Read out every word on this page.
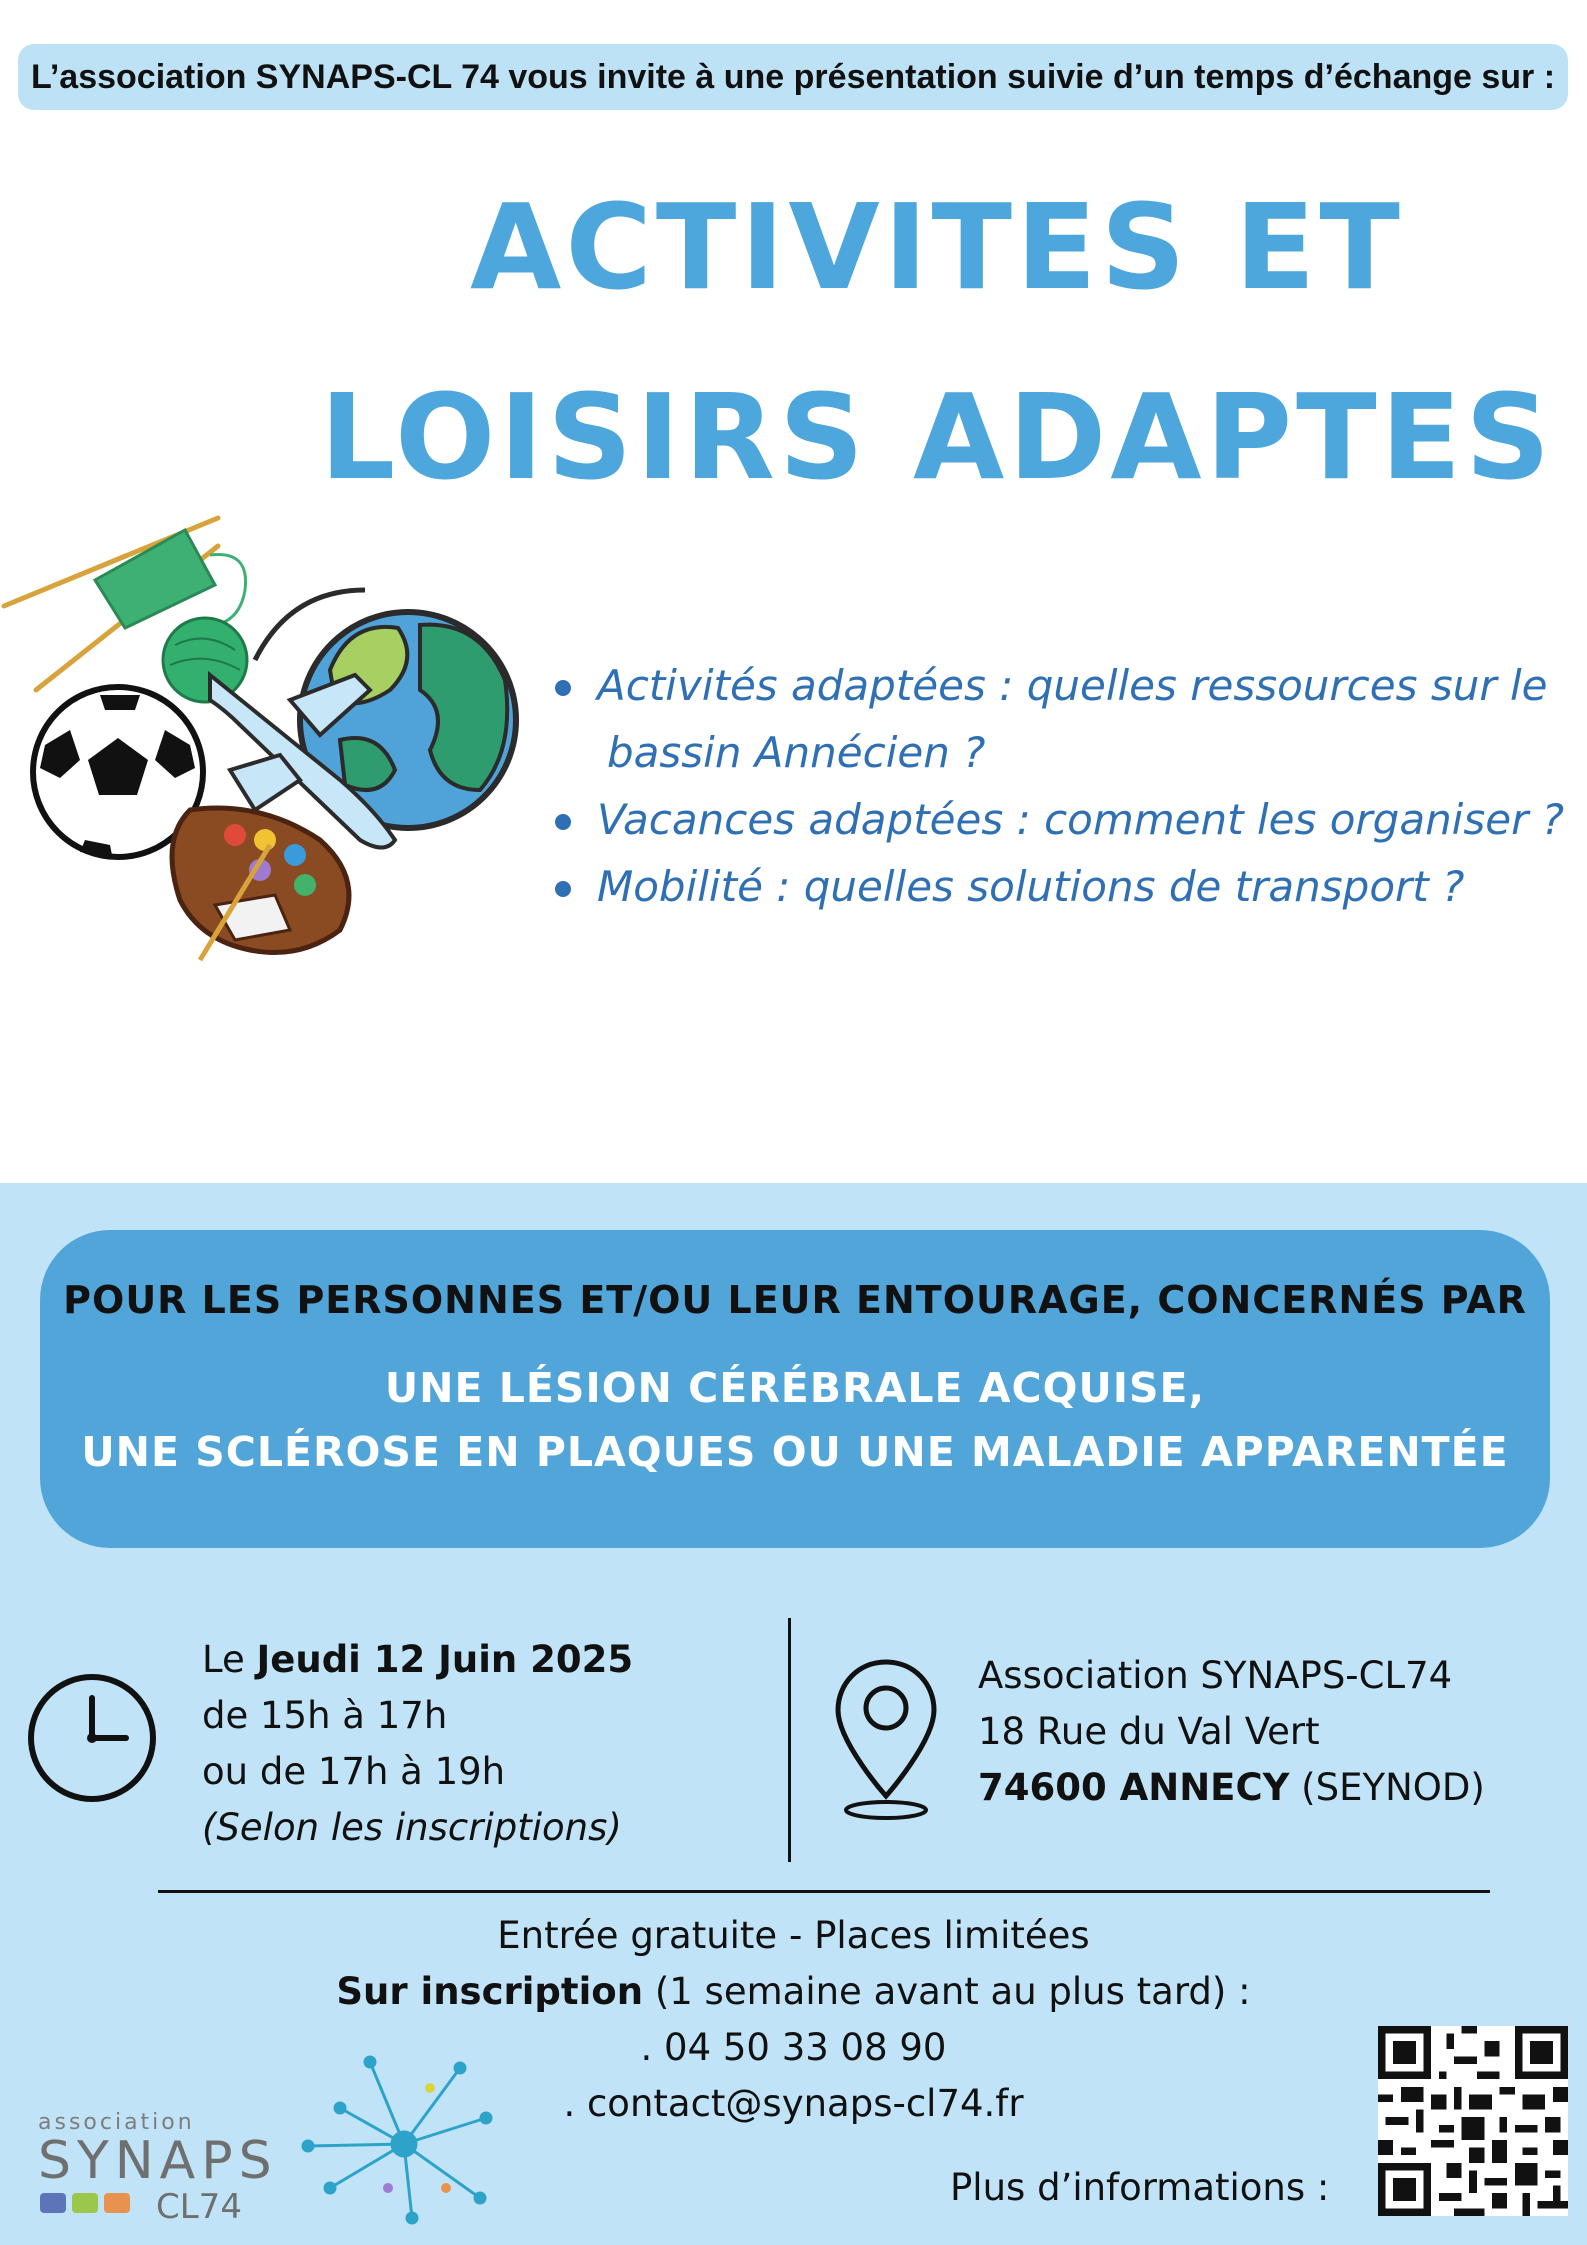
L’association SYNAPS-CL 74 vous invite à une présentation suivie d’un temps d’échange sur :
ACTIVITES ET
LOISIRS ADAPTES
Activités adaptées : quelles ressources sur le
bassin Annécien ?
Vacances adaptées : comment les organiser ?
Mobilité : quelles solutions de transport ?
POUR LES PERSONNES ET/OU LEUR ENTOURAGE, CONCERNÉS PAR
UNE LÉSION CÉRÉBRALE ACQUISE,
UNE SCLÉROSE EN PLAQUES OU UNE MALADIE APPARENTÉE
Le Jeudi 12 Juin 2025
de 15h à 17h
ou de 17h à 19h
(Selon les inscriptions)
Association SYNAPS-CL74
18 Rue du Val Vert
74600 ANNECY (SEYNOD)
Entrée gratuite - Places limitées
Sur inscription (1 semaine avant au plus tard) :
. 04 50 33 08 90
. contact@synaps-cl74.fr
association
SYNAPS
CL74	Plus d’informations :
